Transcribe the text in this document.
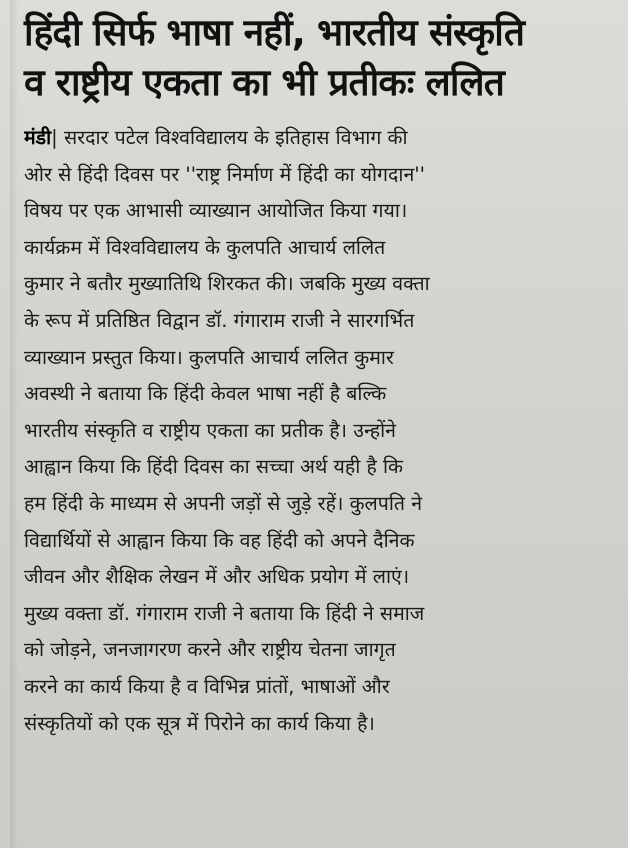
हिंदी सिर्फ भाषा नहीं, भारतीय संस्कृति
व राष्ट्रीय एकता का भी प्रतीकः ललित
मंडी| सरदार पटेल विश्वविद्यालय के इतिहास विभाग की
ओर से हिंदी दिवस पर ''राष्ट्र निर्माण में हिंदी का योगदान''
विषय पर एक आभासी व्याख्यान आयोजित किया गया।
कार्यक्रम में विश्वविद्यालय के कुलपति आचार्य ललित
कुमार ने बतौर मुख्यातिथि शिरकत की। जबकि मुख्य वक्ता
के रूप में प्रतिष्ठित विद्वान डॉ. गंगाराम राजी ने सारगर्भित
व्याख्यान प्रस्तुत किया। कुलपति आचार्य ललित कुमार
अवस्थी ने बताया कि हिंदी केवल भाषा नहीं है बल्कि
भारतीय संस्कृति व राष्ट्रीय एकता का प्रतीक है। उन्होंने
आह्वान किया कि हिंदी दिवस का सच्चा अर्थ यही है कि
हम हिंदी के माध्यम से अपनी जड़ों से जुड़े रहें। कुलपति ने
विद्यार्थियों से आह्वान किया कि वह हिंदी को अपने दैनिक
जीवन और शैक्षिक लेखन में और अधिक प्रयोग में लाएं।
मुख्य वक्ता डॉ. गंगाराम राजी ने बताया कि हिंदी ने समाज
को जोड़ने, जनजागरण करने और राष्ट्रीय चेतना जागृत
करने का कार्य किया है व विभिन्न प्रांतों, भाषाओं और
संस्कृतियों को एक सूत्र में पिरोने का कार्य किया है।
